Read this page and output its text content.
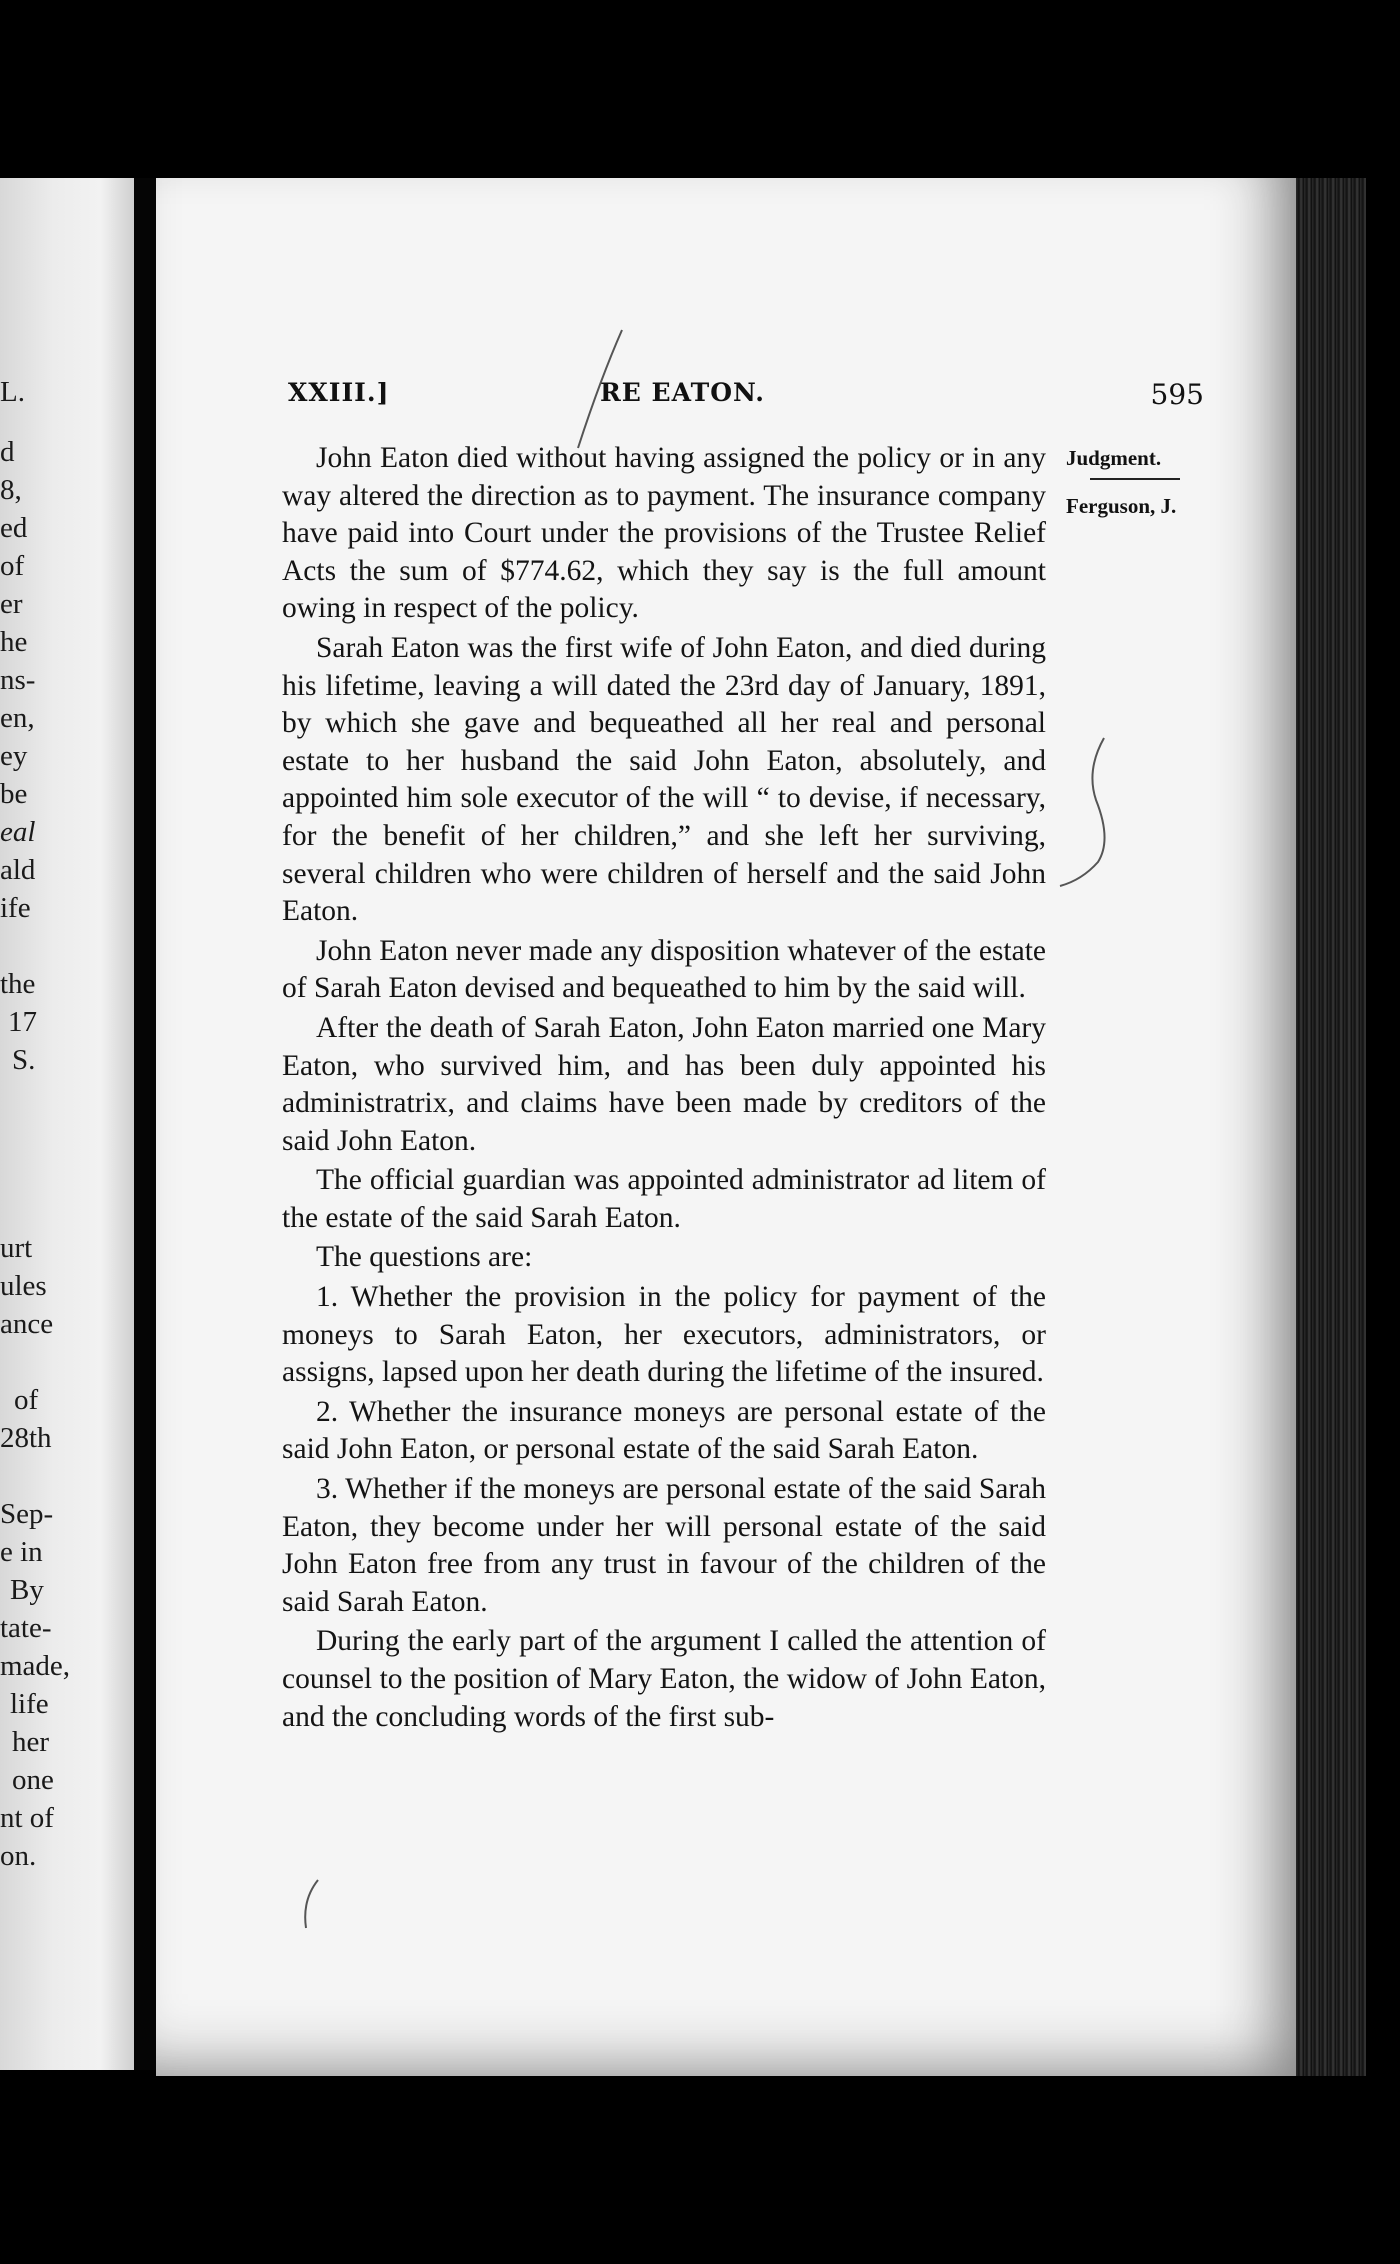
L.
d
8,
ed
of
er
he
ns-
en,
ey
be
eal
ald
ife
the
17
S.
urt
ules
ance
of
28th
Sep-
e in
By
tate-
made,
life
her
one
nt of
on.
XXIII.]	RE EATON.	595
Judgment.
Ferguson, J.

John Eaton died without having assigned the policy or in any way altered the direction as to payment. The insurance company have paid into Court under the provisions of the Trustee Relief Acts the sum of $774.62, which they say is the full amount owing in respect of the policy.

Sarah Eaton was the first wife of John Eaton, and died during his lifetime, leaving a will dated the 23rd day of January, 1891, by which she gave and bequeathed all her real and personal estate to her husband the said John Eaton, absolutely, and appointed him sole executor of the will “ to devise, if necessary, for the benefit of her children,” and she left her surviving, several children who were children of herself and the said John Eaton.

John Eaton never made any disposition whatever of the estate of Sarah Eaton devised and bequeathed to him by the said will.

After the death of Sarah Eaton, John Eaton married one Mary Eaton, who survived him, and has been duly appointed his administratrix, and claims have been made by creditors of the said John Eaton.

The official guardian was appointed administrator ad litem of the estate of the said Sarah Eaton.

The questions are:

1. Whether the provision in the policy for payment of the moneys to Sarah Eaton, her executors, administrators, or assigns, lapsed upon her death during the lifetime of the insured.

2. Whether the insurance moneys are personal estate of the said John Eaton, or personal estate of the said Sarah Eaton.

3. Whether if the moneys are personal estate of the said Sarah Eaton, they become under her will personal estate of the said John Eaton free from any trust in favour of the children of the said Sarah Eaton.

During the early part of the argument I called the attention of counsel to the position of Mary Eaton, the widow of John Eaton, and the concluding words of the first sub-
